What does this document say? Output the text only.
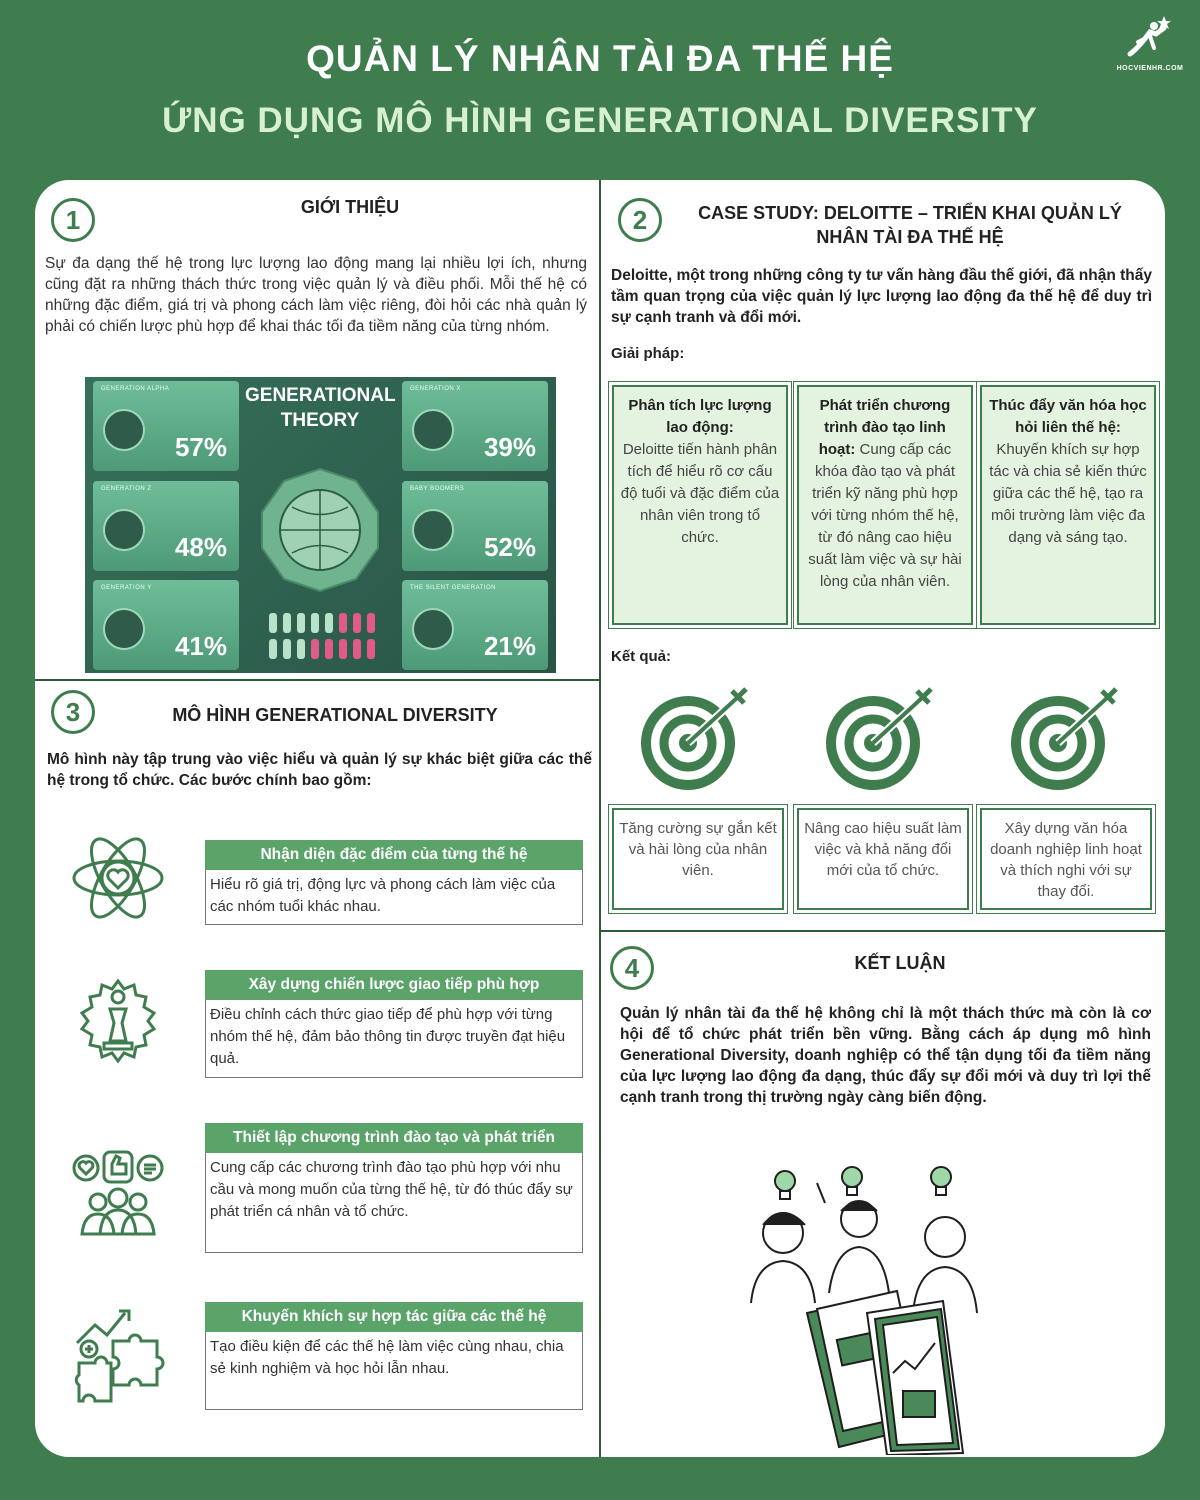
QUẢN LÝ NHÂN TÀI ĐA THẾ HỆ
ỨNG DỤNG MÔ HÌNH GENERATIONAL DIVERSITY
HOCVIENHR.COM
1	GIỚI THIỆU
Sự đa dạng thế hệ trong lực lượng lao động mang lại nhiều lợi ích, nhưng cũng đặt ra những thách thức trong việc quản lý và điều phối. Mỗi thế hệ có những đặc điểm, giá trị và phong cách làm việc riêng, đòi hỏi các nhà quản lý phải có chiến lược phù hợp để khai thác tối đa tiềm năng của từng nhóm.
GENERATION ALPHA
57%
GENERATION X
39%
GENERATION Z
48%
BABY BOOMERS
52%
GENERATION Y
41%
THE SILENT GENERATION
21%
GENERATIONAL
THEORY
3	MÔ HÌNH GENERATIONAL DIVERSITY
Mô hình này tập trung vào việc hiểu và quản lý sự khác biệt giữa các thế hệ trong tổ chức. Các bước chính bao gồm:
Nhận diện đặc điểm của từng thế hệ
Hiểu rõ giá trị, động lực và phong cách làm việc của các nhóm tuổi khác nhau.
Xây dựng chiến lược giao tiếp phù hợp
Điều chỉnh cách thức giao tiếp để phù hợp với từng nhóm thế hệ, đảm bảo thông tin được truyền đạt hiệu quả.
Thiết lập chương trình đào tạo và phát triển
Cung cấp các chương trình đào tạo phù hợp với nhu cầu và mong muốn của từng thế hệ, từ đó thúc đẩy sự phát triển cá nhân và tổ chức.
Khuyến khích sự hợp tác giữa các thế hệ
Tạo điều kiện để các thế hệ làm việc cùng nhau, chia sẻ kinh nghiệm và học hỏi lẫn nhau.
2	CASE STUDY: DELOITTE – TRIỂN KHAI QUẢN LÝ NHÂN TÀI ĐA THẾ HỆ
Deloitte, một trong những công ty tư vấn hàng đầu thế giới, đã nhận thấy tầm quan trọng của việc quản lý lực lượng lao động đa thế hệ để duy trì sự cạnh tranh và đổi mới.
Giải pháp:
Phân tích lực lượng lao động:
Deloitte tiến hành phân tích để hiểu rõ cơ cấu độ tuổi và đặc điểm của nhân viên trong tổ chức.
Phát triển chương trình đào tạo linh hoạt: Cung cấp các khóa đào tạo và phát triển kỹ năng phù hợp với từng nhóm thế hệ, từ đó nâng cao hiệu suất làm việc và sự hài lòng của nhân viên.
Thúc đẩy văn hóa học hỏi liên thế hệ: Khuyến khích sự hợp tác và chia sẻ kiến thức giữa các thế hệ, tạo ra môi trường làm việc đa dạng và sáng tạo.
Kết quả:
Tăng cường sự gắn kết và hài lòng của nhân viên.
Nâng cao hiệu suất làm việc và khả năng đổi mới của tổ chức.
Xây dựng văn hóa doanh nghiệp linh hoạt và thích nghi với sự thay đổi.
4	KẾT LUẬN
Quản lý nhân tài đa thế hệ không chỉ là một thách thức mà còn là cơ hội để tổ chức phát triển bền vững. Bằng cách áp dụng mô hình Generational Diversity, doanh nghiệp có thể tận dụng tối đa tiềm năng của lực lượng lao động đa dạng, thúc đẩy sự đổi mới và duy trì lợi thế cạnh tranh trong thị trường ngày càng biến động.
